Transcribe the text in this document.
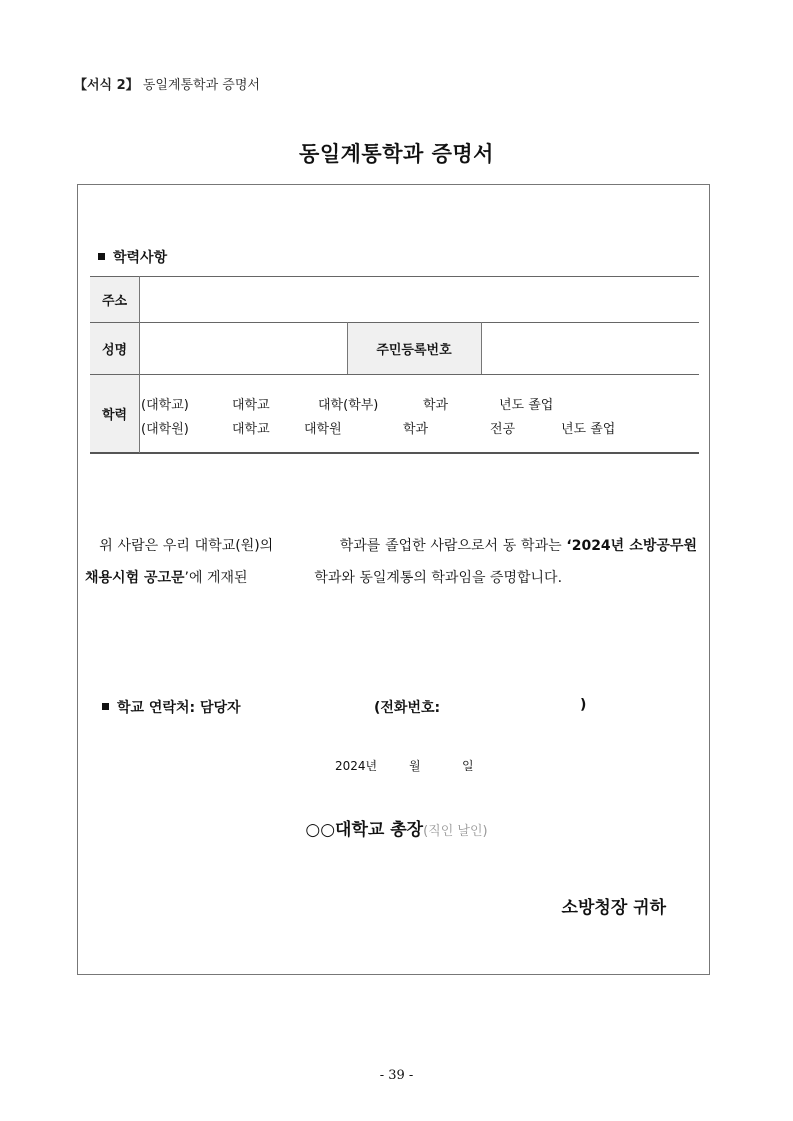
【서식 2】 동일계통학과 증명서
동일계통학과 증명서
학력사항
주소
성명	주민등록번호
학력
(대학교)	대학교	대학(학부)	학과	년도 졸업
(대학원)	대학교	대학원	학과	전공	년도 졸업
위 사람은 우리 대학교(원)의	학과를 졸업한 사람으로서 동 학과는 ‘2024년 소방공무원 채용시험 공고문’에 게재된	학과와 동일계통의 학과임을 증명합니다.
학교 연락처: 담당자	(전화번호:	)
2024년	월	일
○○대학교 총장(직인 날인)
소방청장 귀하
- 39 -
